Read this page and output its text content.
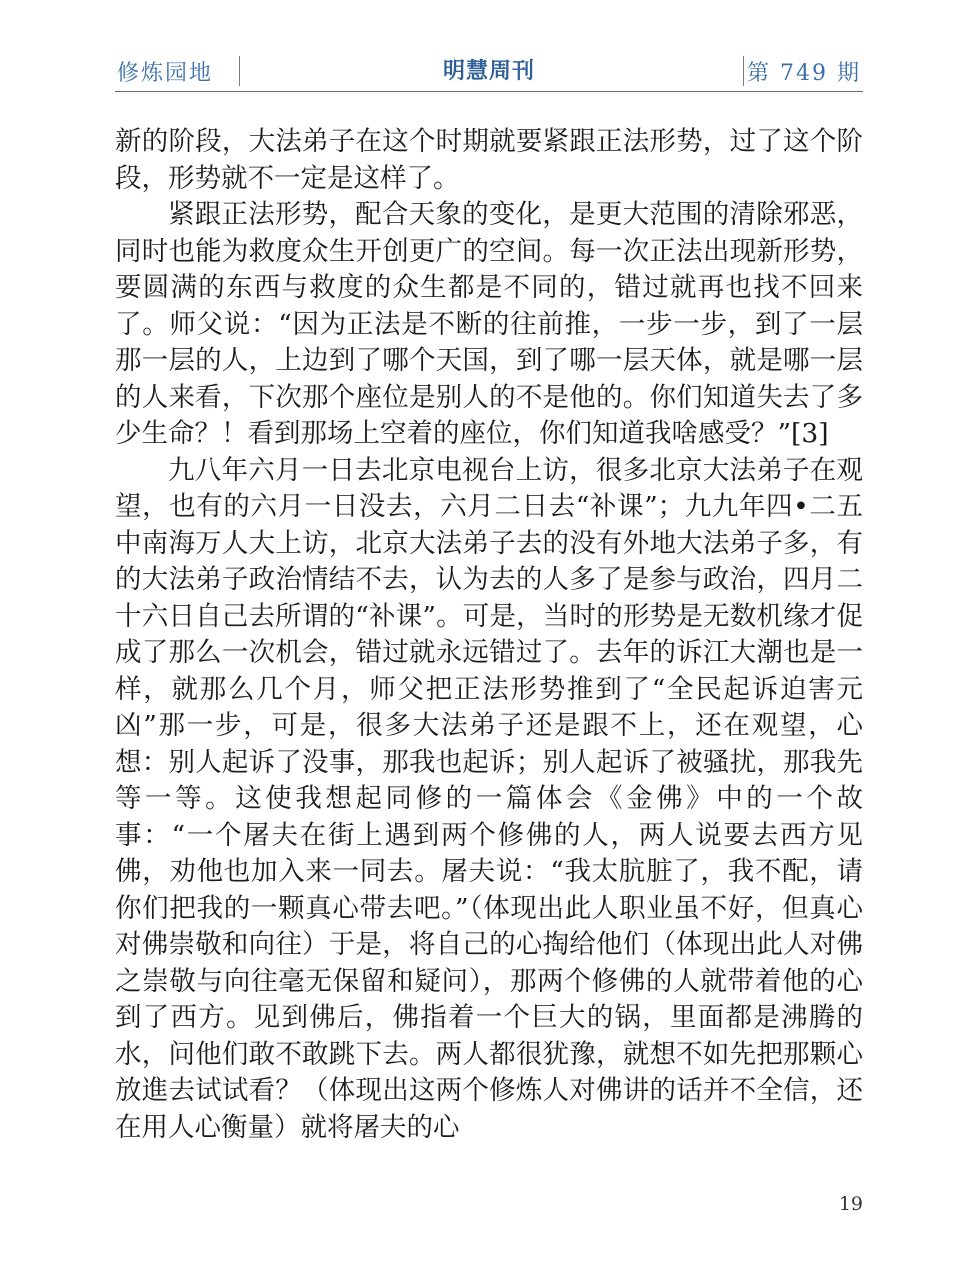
修炼园地	明慧周刊	第 749 期

新的阶段，大法弟子在这个时期就要紧跟正法形势，过了这个阶段，形势就不一定是这样了。

紧跟正法形势，配合天象的变化，是更大范围的清除邪恶，同时也能为救度众生开创更广的空间。每一次正法出现新形势，要圆满的东西与救度的众生都是不同的，错过就再也找不回来了。师父说：“因为正法是不断的往前推，一步一步，到了一层那一层的人，上边到了哪个天国，到了哪一层天体，就是哪一层的人来看，下次那个座位是别人的不是他的。你们知道失去了多少生命？！看到那场上空着的座位，你们知道我啥感受？”[3]

九八年六月一日去北京电视台上访，很多北京大法弟子在观望，也有的六月一日没去，六月二日去“补课”；九九年四•二五中南海万人大上访，北京大法弟子去的没有外地大法弟子多，有的大法弟子政治情结不去，认为去的人多了是参与政治，四月二十六日自己去所谓的“补课”。可是，当时的形势是无数机缘才促成了那么一次机会，错过就永远错过了。去年的诉江大潮也是一样，就那么几个月，师父把正法形势推到了“全民起诉迫害元凶”那一步，可是，很多大法弟子还是跟不上，还在观望，心想：别人起诉了没事，那我也起诉；别人起诉了被骚扰，那我先等一等。这使我想起同修的一篇体会《金佛》中的一个故事：“一个屠夫在街上遇到两个修佛的人，两人说要去西方见佛，劝他也加入来一同去。屠夫说：“我太肮脏了，我不配，请你们把我的一颗真心带去吧。”（体现出此人职业虽不好，但真心对佛崇敬和向往）于是，将自己的心掏给他们（体现出此人对佛之崇敬与向往毫无保留和疑问），那两个修佛的人就带着他的心到了西方。见到佛后，佛指着一个巨大的锅，里面都是沸腾的水，问他们敢不敢跳下去。两人都很犹豫，就想不如先把那颗心放進去试试看？（体现出这两个修炼人对佛讲的话并不全信，还在用人心衡量）就将屠夫的心

19
